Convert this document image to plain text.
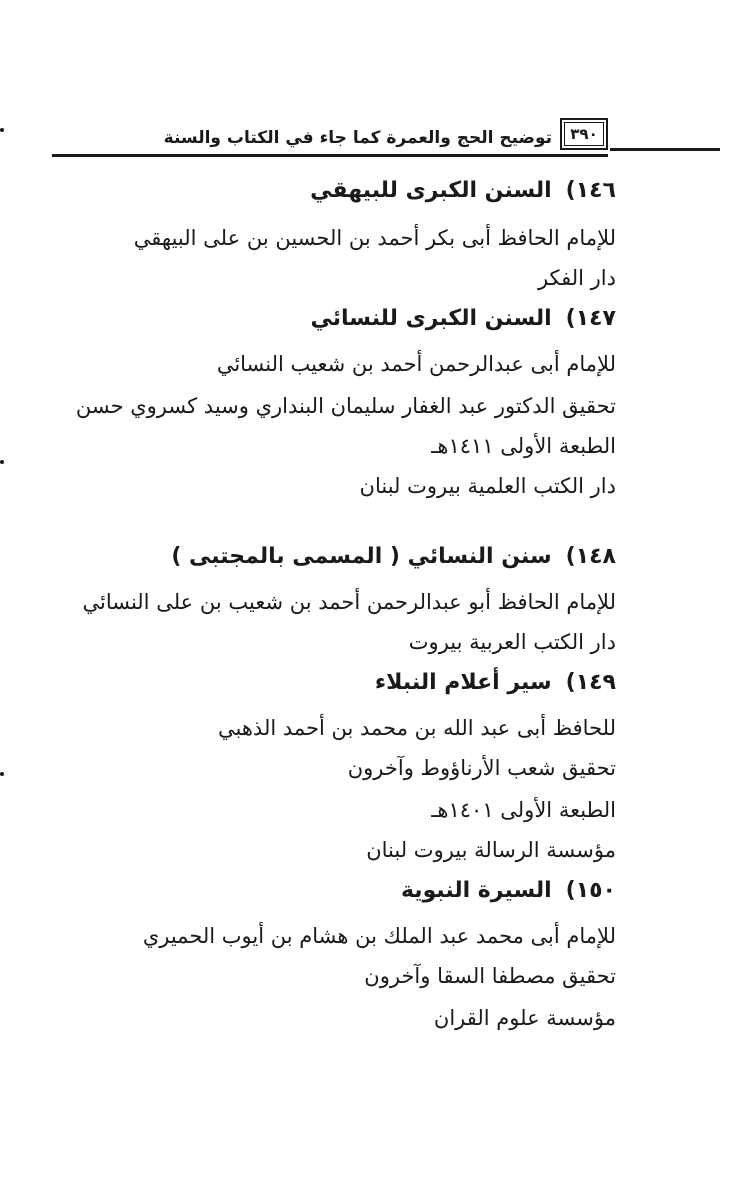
توضيح الحج والعمرة كما جاء في الكتاب والسنة	٣٩٠
١٤٦)السنن الكبرى للبيهقي
للإمام الحافظ أبى بكر أحمد بن الحسين بن على البيهقي
دار الفكر
١٤٧)السنن الكبرى للنسائي
للإمام أبى عبدالرحمن أحمد بن شعيب النسائي
تحقيق الدكتور عبد الغفار سليمان البنداري وسيد كسروي حسن
الطبعة الأولى ١٤١١هـ
دار الكتب العلمية بيروت لبنان
١٤٨)سنن النسائي ( المسمى بالمجتبى )
للإمام الحافظ أبو عبدالرحمن أحمد بن شعيب بن على النسائي
دار الكتب العربية بيروت
١٤٩)سير أعلام النبلاء
للحافظ أبى عبد الله بن محمد بن أحمد الذهبي
تحقيق شعب الأرناؤوط وآخرون
الطبعة الأولى ١٤٠١هـ
مؤسسة الرسالة بيروت لبنان
١٥٠)السيرة النبوية
للإمام أبى محمد عبد الملك بن هشام بن أيوب الحميري
تحقيق مصطفا السقا وآخرون
مؤسسة علوم القران
